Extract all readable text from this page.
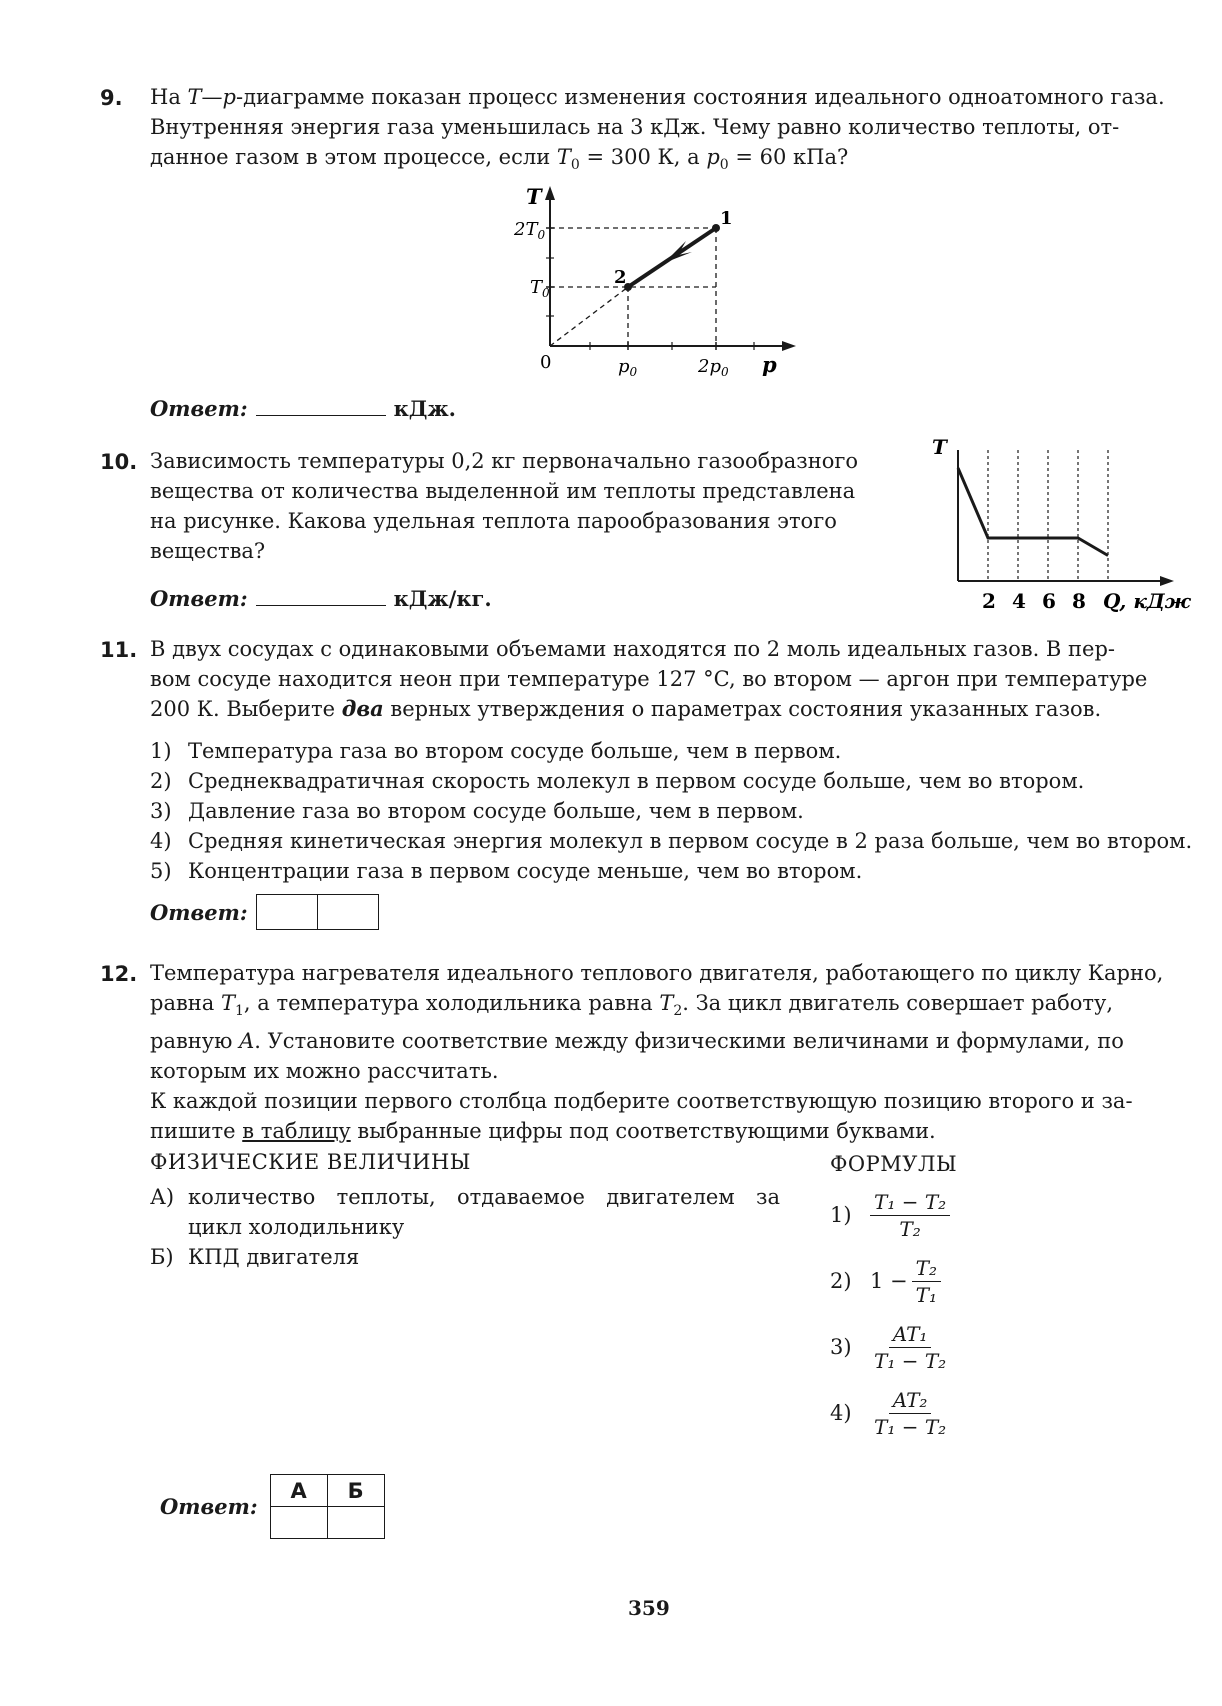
9. На T—p-диаграмме показан процесс изменения состояния идеального одноатомного газа.
Внутренняя энергия газа уменьшилась на 3 кДж. Чему равно количество теплоты, от-
данное газом в этом процессе, если $T_0 = 300$ К, а $p_0 = 60$ кПа?
T
p
0
$2T_0$
$T_0$
$p_0$	$2p_0$
1
2
Ответ:	кДж.
10. Зависимость температуры 0,2 кг первоначально газообразного
вещества от количества выделенной им теплоты представлена
на рисунке. Какова удельная теплота парообразования этого
вещества?
Ответ:	кДж/кг.
T
2 4 6 8 Q, кДж
11. В двух сосудах с одинаковыми объемами находятся по 2 моль идеальных газов. В пер-
вом сосуде находится неон при температуре 127 °C, во втором — аргон при температуре
200 К. Выберите два верных утверждения о параметрах состояния указанных газов.
1) Температура газа во втором сосуде больше, чем в первом.
2) Среднеквадратичная скорость молекул в первом сосуде больше, чем во втором.
3) Давление газа во втором сосуде больше, чем в первом.
4) Средняя кинетическая энергия молекул в первом сосуде в 2 раза больше, чем во втором.
5) Концентрации газа в первом сосуде меньше, чем во втором.
Ответ:
12. Температура нагревателя идеального теплового двигателя, работающего по циклу Карно,
равна $T_1$, а температура холодильника равна $T_2$. За цикл двигатель совершает работу,
равную A. Установите соответствие между физическими величинами и формулами, по
которым их можно рассчитать.
К каждой позиции первого столбца подберите соответствующую позицию второго и за-
пишите в таблицу выбранные цифры под соответствующими буквами.
ФИЗИЧЕСКИЕ ВЕЛИЧИНЫ	ФОРМУЛЫ
А) количество теплоты, отдаваемое двигателем за
цикл холодильнику
Б) КПД двигателя
$1) \frac{\text{T₁ − T₂}}{\text{T₂}}$
2) $1 - \frac{\text{T₂}}{\text{T₁}}$
$3) \frac{\text{AT₁}}{\text{T₁ − T₂}}$
$4) \frac{\text{AT₂}}{\text{T₁ − T₂}}$
Ответ:
А	Б

359
